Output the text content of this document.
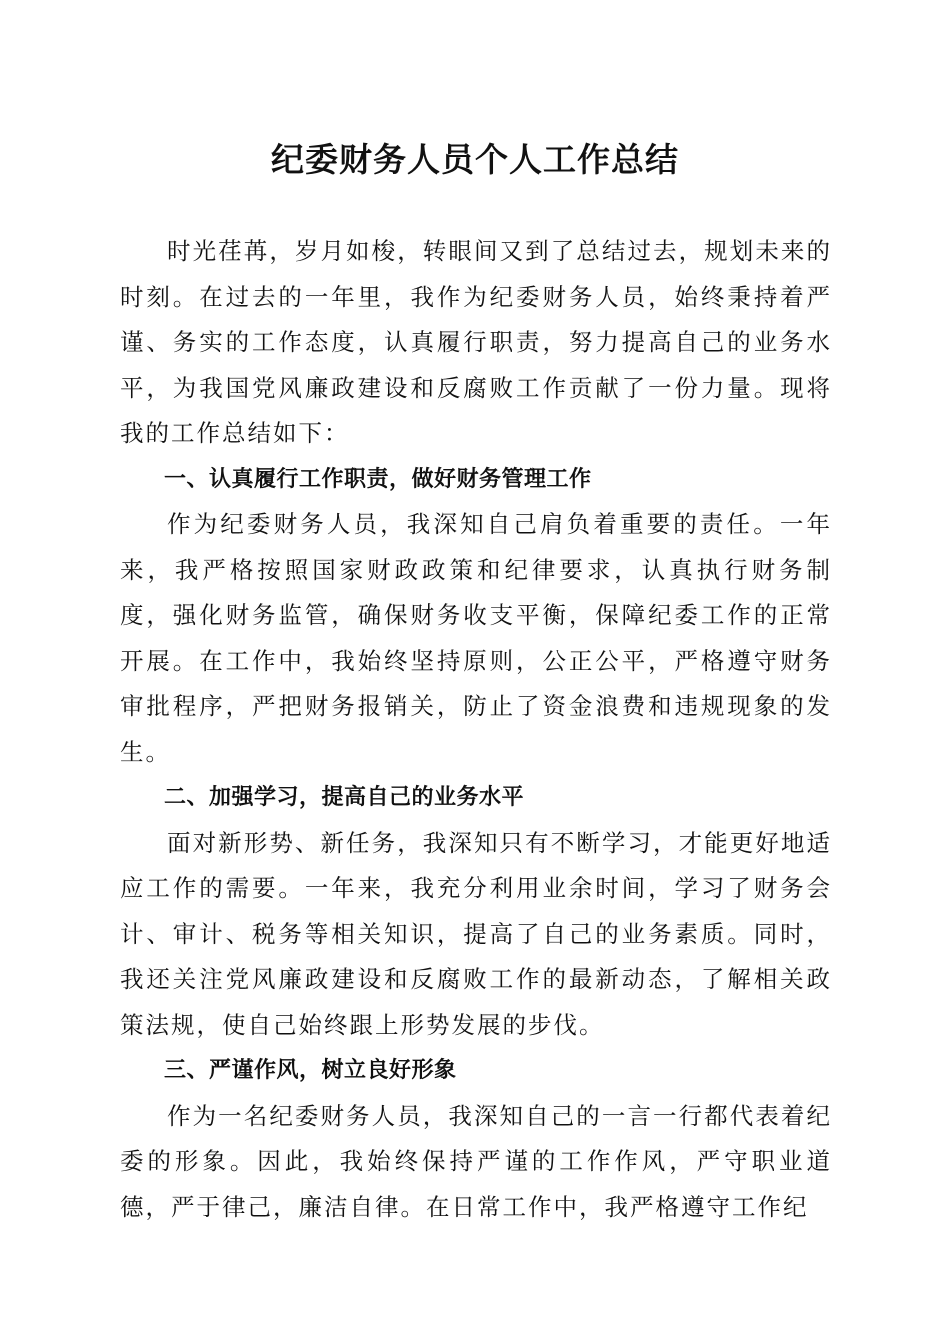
纪委财务人员个人工作总结

时光荏苒，岁月如梭，转眼间又到了总结过去，规划未来的时刻。在过去的一年里，我作为纪委财务人员，始终秉持着严谨、务实的工作态度，认真履行职责，努力提高自己的业务水平，为我国党风廉政建设和反腐败工作贡献了一份力量。现将我的工作总结如下：

一、认真履行工作职责，做好财务管理工作

作为纪委财务人员，我深知自己肩负着重要的责任。一年来，我严格按照国家财政政策和纪律要求，认真执行财务制度，强化财务监管，确保财务收支平衡，保障纪委工作的正常开展。在工作中，我始终坚持原则，公正公平，严格遵守财务审批程序，严把财务报销关，防止了资金浪费和违规现象的发生。

二、加强学习，提高自己的业务水平

面对新形势、新任务，我深知只有不断学习，才能更好地适应工作的需要。一年来，我充分利用业余时间，学习了财务会计、审计、税务等相关知识，提高了自己的业务素质。同时，我还关注党风廉政建设和反腐败工作的最新动态，了解相关政策法规，使自己始终跟上形势发展的步伐。

三、严谨作风，树立良好形象

作为一名纪委财务人员，我深知自己的一言一行都代表着纪委的形象。因此，我始终保持严谨的工作作风，严守职业道德，严于律己，廉洁自律。在日常工作中，我严格遵守工作纪
